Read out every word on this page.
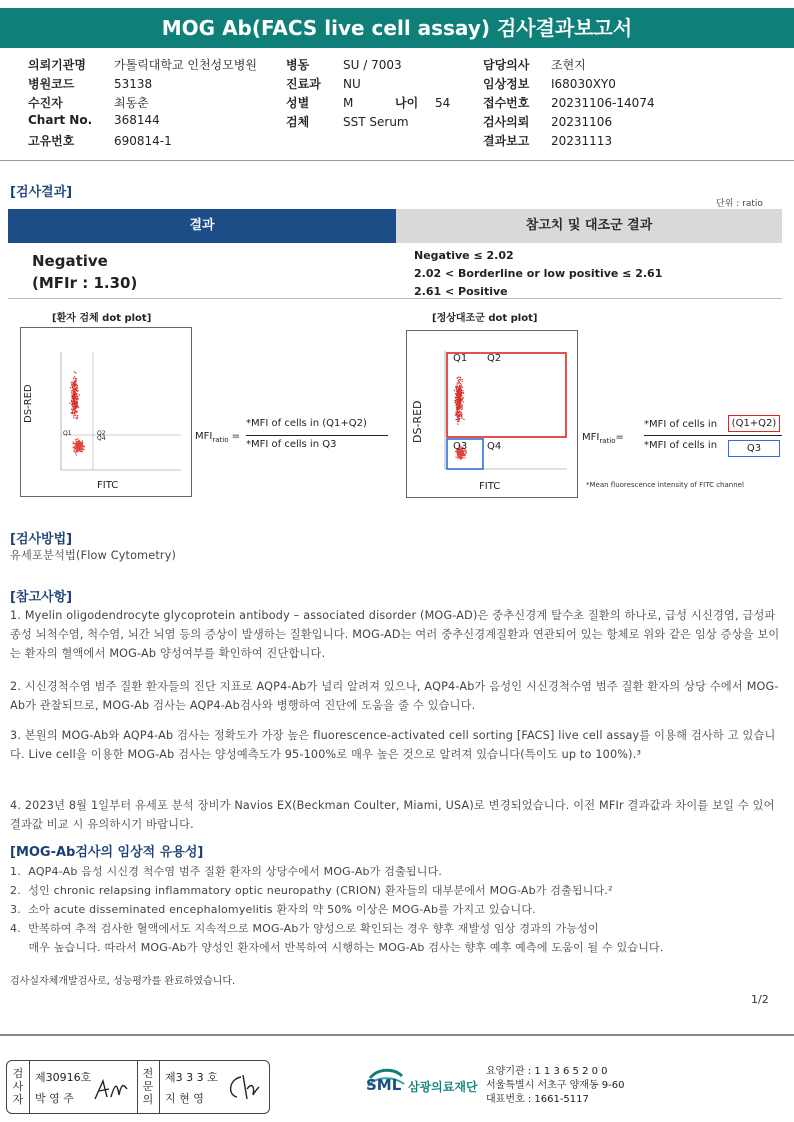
MOG Ab(FACS live cell assay) 검사결과보고서
의뢰기관명 가톨릭대학교 인천성모병원
병원코드	53138
수진자	최동춘
Chart No. 368144
고유번호	690814-1
병동	SU / 7003
진료과 NU
성별	M	나이 54
검체	SST Serum
담당의사 조현지
임상정보 I68030XY0
접수번호 20231106-14074
검사의뢰 20231106
결과보고 20231113
[검사결과]
단위 : ratio
결과	참고치 및 대조군 결과
Negative
(MFIr : 1.30)
Negative ≤ 2.02
2.02 < Borderline or low positive ≤ 2.61
2.61 < Positive
[환자 검체 dot plot]	[정상대조군 dot plot]
DS-RED
FITC
Q1	Q2
Q4	$MFI_{ratio}$ =
*MFI of cells in (Q1+Q2)
*MFI of cells in Q3
DS-RED
FITC
Q1 Q2
Q3 Q4
$MFI_{ratio}=$
*MFI of cells in	(Q1+Q2)
*MFI of cells in	Q3
*Mean fluorescence intensity of FITC channel
[검사방법]
유세포분석법(Flow Cytometry)
[참고사항]
1. Myelin oligodendrocyte glycoprotein antibody – associated disorder (MOG-AD)은 중추신경계 탈수초 질환의 하나로, 급성 시신경염, 급성파종성 뇌척수염, 척수염, 뇌간 뇌염 등의 증상이 발생하는 질환입니다. MOG-AD는 여러 중추신경계질환과 연관되어 있는 항체로 위와 같은 임상 증상을 보이는 환자의 혈액에서 MOG-Ab 양성여부를 확인하여 진단합니다.
2. 시신경척수염 범주 질환 환자들의 진단 지표로 AQP4-Ab가 널리 알려져 있으나, AQP4-Ab가 음성인 시신경척수염 범주 질환 환자의 상당 수에서 MOG-Ab가 관찰되므로, MOG-Ab 검사는 AQP4-Ab검사와 병행하여 진단에 도움을 줄 수 있습니다.
3. 본원의 MOG-Ab와 AQP4-Ab 검사는 정확도가 가장 높은 fluorescence-activated cell sorting [FACS] live cell assay를 이용해 검사하 고 있습니다. Live cell을 이용한 MOG-Ab 검사는 양성예측도가 95-100%로 매우 높은 것으로 알려져 있습니다(특이도 up to 100%).³
4. 2023년 8월 1일부터 유세포 분석 장비가 Navios EX(Beckman Coulter, Miami, USA)로 변경되었습니다. 이전 MFIr 결과값과 차이를 보일 수 있어 결과값 비교 시 유의하시기 바랍니다.
[MOG-Ab검사의 임상적 유용성]
1.  AQP4-Ab 음성 시신경 척수염 범주 질환 환자의 상당수에서 MOG-Ab가 검출됩니다.
2.  성인 chronic relapsing inflammatory optic neuropathy (CRION) 환자들의 대부분에서 MOG-Ab가 검출됩니다.²
3.  소아 acute disseminated encephalomyelitis 환자의 약 50% 이상은 MOG-Ab를 가지고 있습니다.
4.  반복하여 추적 검사한 혈액에서도 지속적으로 MOG-Ab가 양성으로 확인되는 경우 향후 재발성 임상 경과의 가능성이
매우 높습니다. 따라서 MOG-Ab가 양성인 환자에서 반복하여 시행하는 MOG-Ab 검사는 향후 예후 예측에 도움이 될 수 있습니다.
검사실자체개발검사로, 성능평가를 완료하였습니다.
1/2
검
사
자
제30916호
박 영 주
전
문
의
제3 3 3 호
지 현 영
SML 삼광의료재단
요양기관 : 1 1 3 6 5 2 0 0
서울특별시 서초구 양재동 9-60
대표번호 : 1661-5117
